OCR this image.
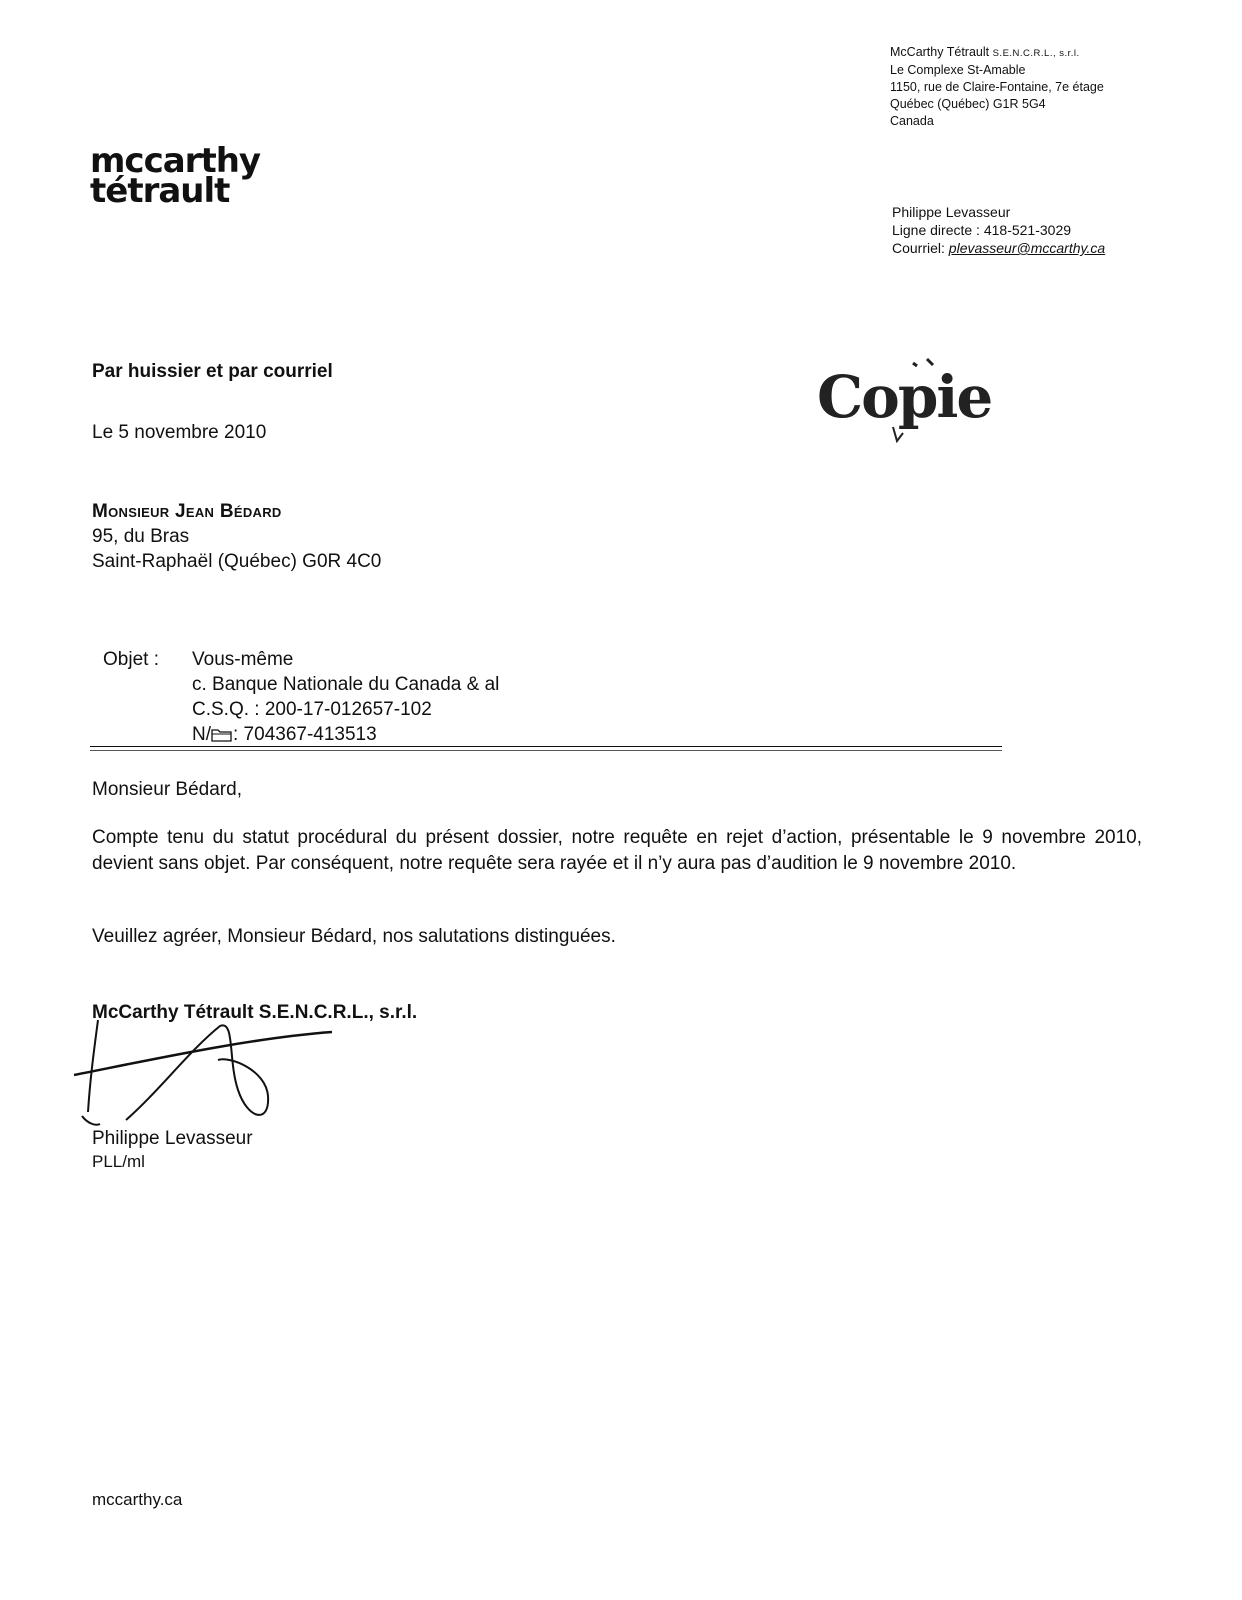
McCarthy Tétrault S.E.N.C.R.L., s.r.l.
Le Complexe St-Amable
1150, rue de Claire-Fontaine, 7e étage
Québec (Québec) G1R 5G4
Canada
mccarthy
tétrault
Philippe Levasseur
Ligne directe : 418-521-3029
Courriel: plevasseur@mccarthy.ca
Copie
Par huissier et par courriel
Le 5 novembre 2010
Monsieur Jean Bédard
95, du Bras
Saint-Raphaël (Québec) G0R 4C0
Objet : Vous-même
c. Banque Nationale du Canada & al
C.S.Q. : 200-17-012657-102
N/ : 704367-413513
Monsieur Bédard,
Compte tenu du statut procédural du présent dossier, notre requête en rejet d’action, présentable le 9 novembre 2010, devient sans objet. Par conséquent, notre requête sera rayée et il n’y aura pas d’audition le 9 novembre 2010.
Veuillez agréer, Monsieur Bédard, nos salutations distinguées.
McCarthy Tétrault S.E.N.C.R.L., s.r.l.
Philippe Levasseur
PLL/ml
mccarthy.ca
